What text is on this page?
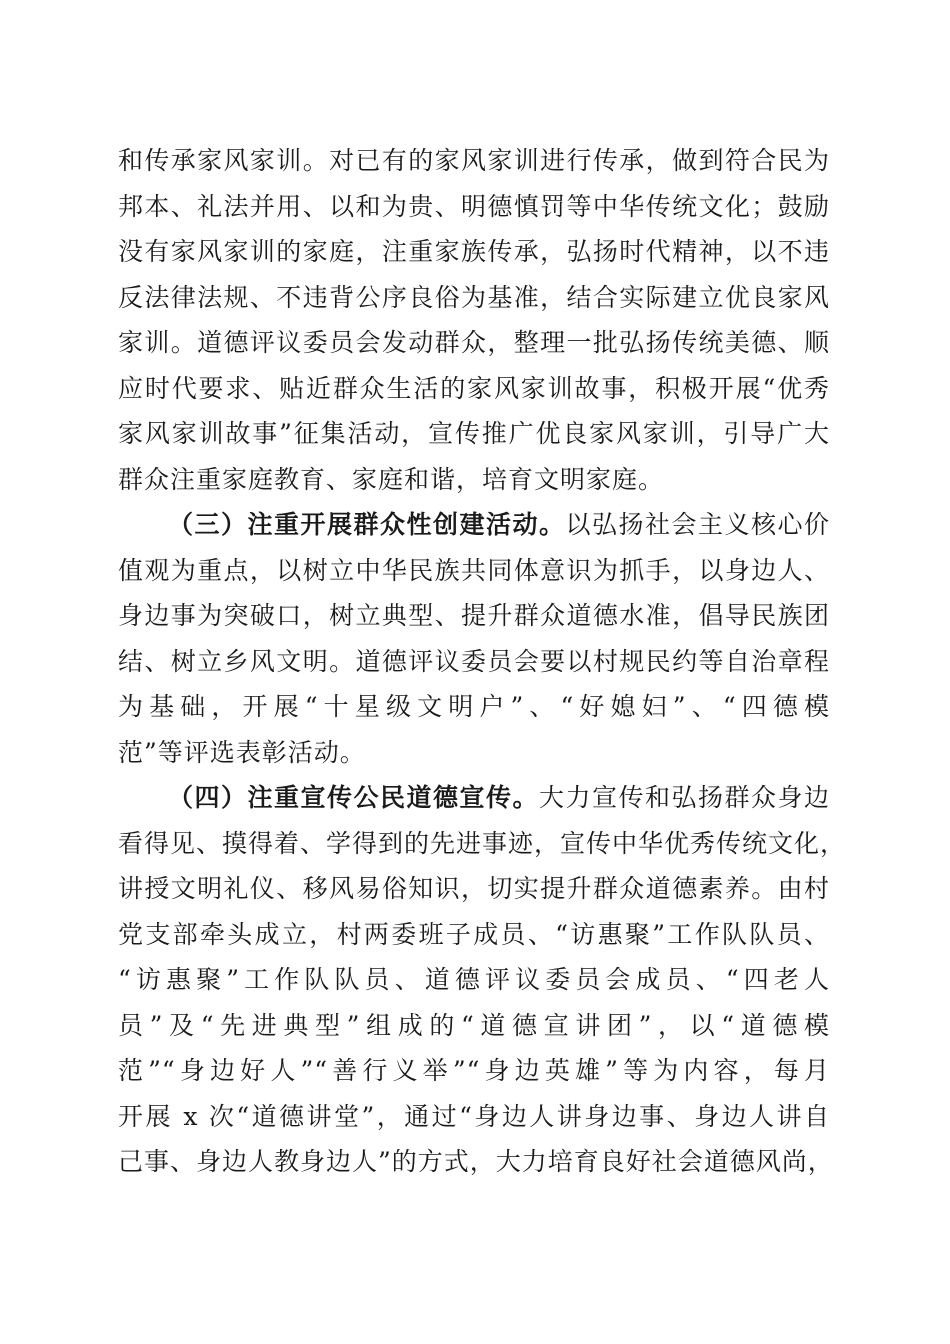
和传承家风家训。对已有的家风家训进行传承，做到符合民为
邦本、礼法并用、以和为贵、明德慎罚等中华传统文化；鼓励
没有家风家训的家庭，注重家族传承，弘扬时代精神，以不违
反法律法规、不违背公序良俗为基准，结合实际建立优良家风
家训。道德评议委员会发动群众，整理一批弘扬传统美德、顺
应时代要求、贴近群众生活的家风家训故事，积极开展“优秀
家风家训故事”征集活动，宣传推广优良家风家训，引导广大
群众注重家庭教育、家庭和谐，培育文明家庭。
（三）注重开展群众性创建活动。以弘扬社会主义核心价
值观为重点，以树立中华民族共同体意识为抓手，以身边人、
身边事为突破口，树立典型、提升群众道德水准，倡导民族团
结、树立乡风文明。道德评议委员会要以村规民约等自治章程
为基础，开展“十星级文明户”、“好媳妇”、“四德模
范”等评选表彰活动。
（四）注重宣传公民道德宣传。大力宣传和弘扬群众身边
看得见、摸得着、学得到的先进事迹，宣传中华优秀传统文化，
讲授文明礼仪、移风易俗知识，切实提升群众道德素养。由村
党支部牵头成立，村两委班子成员、“访惠聚”工作队队员、
“访惠聚”工作队队员、道德评议委员会成员、“四老人
员”及“先进典型”组成的“道德宣讲团”，以“道德模
范”“身边好人”“善行义举”“身边英雄”等为内容，每月
开展 x 次“道德讲堂”，通过“身边人讲身边事、身边人讲自
己事、身边人教身边人”的方式，大力培育良好社会道德风尚，
